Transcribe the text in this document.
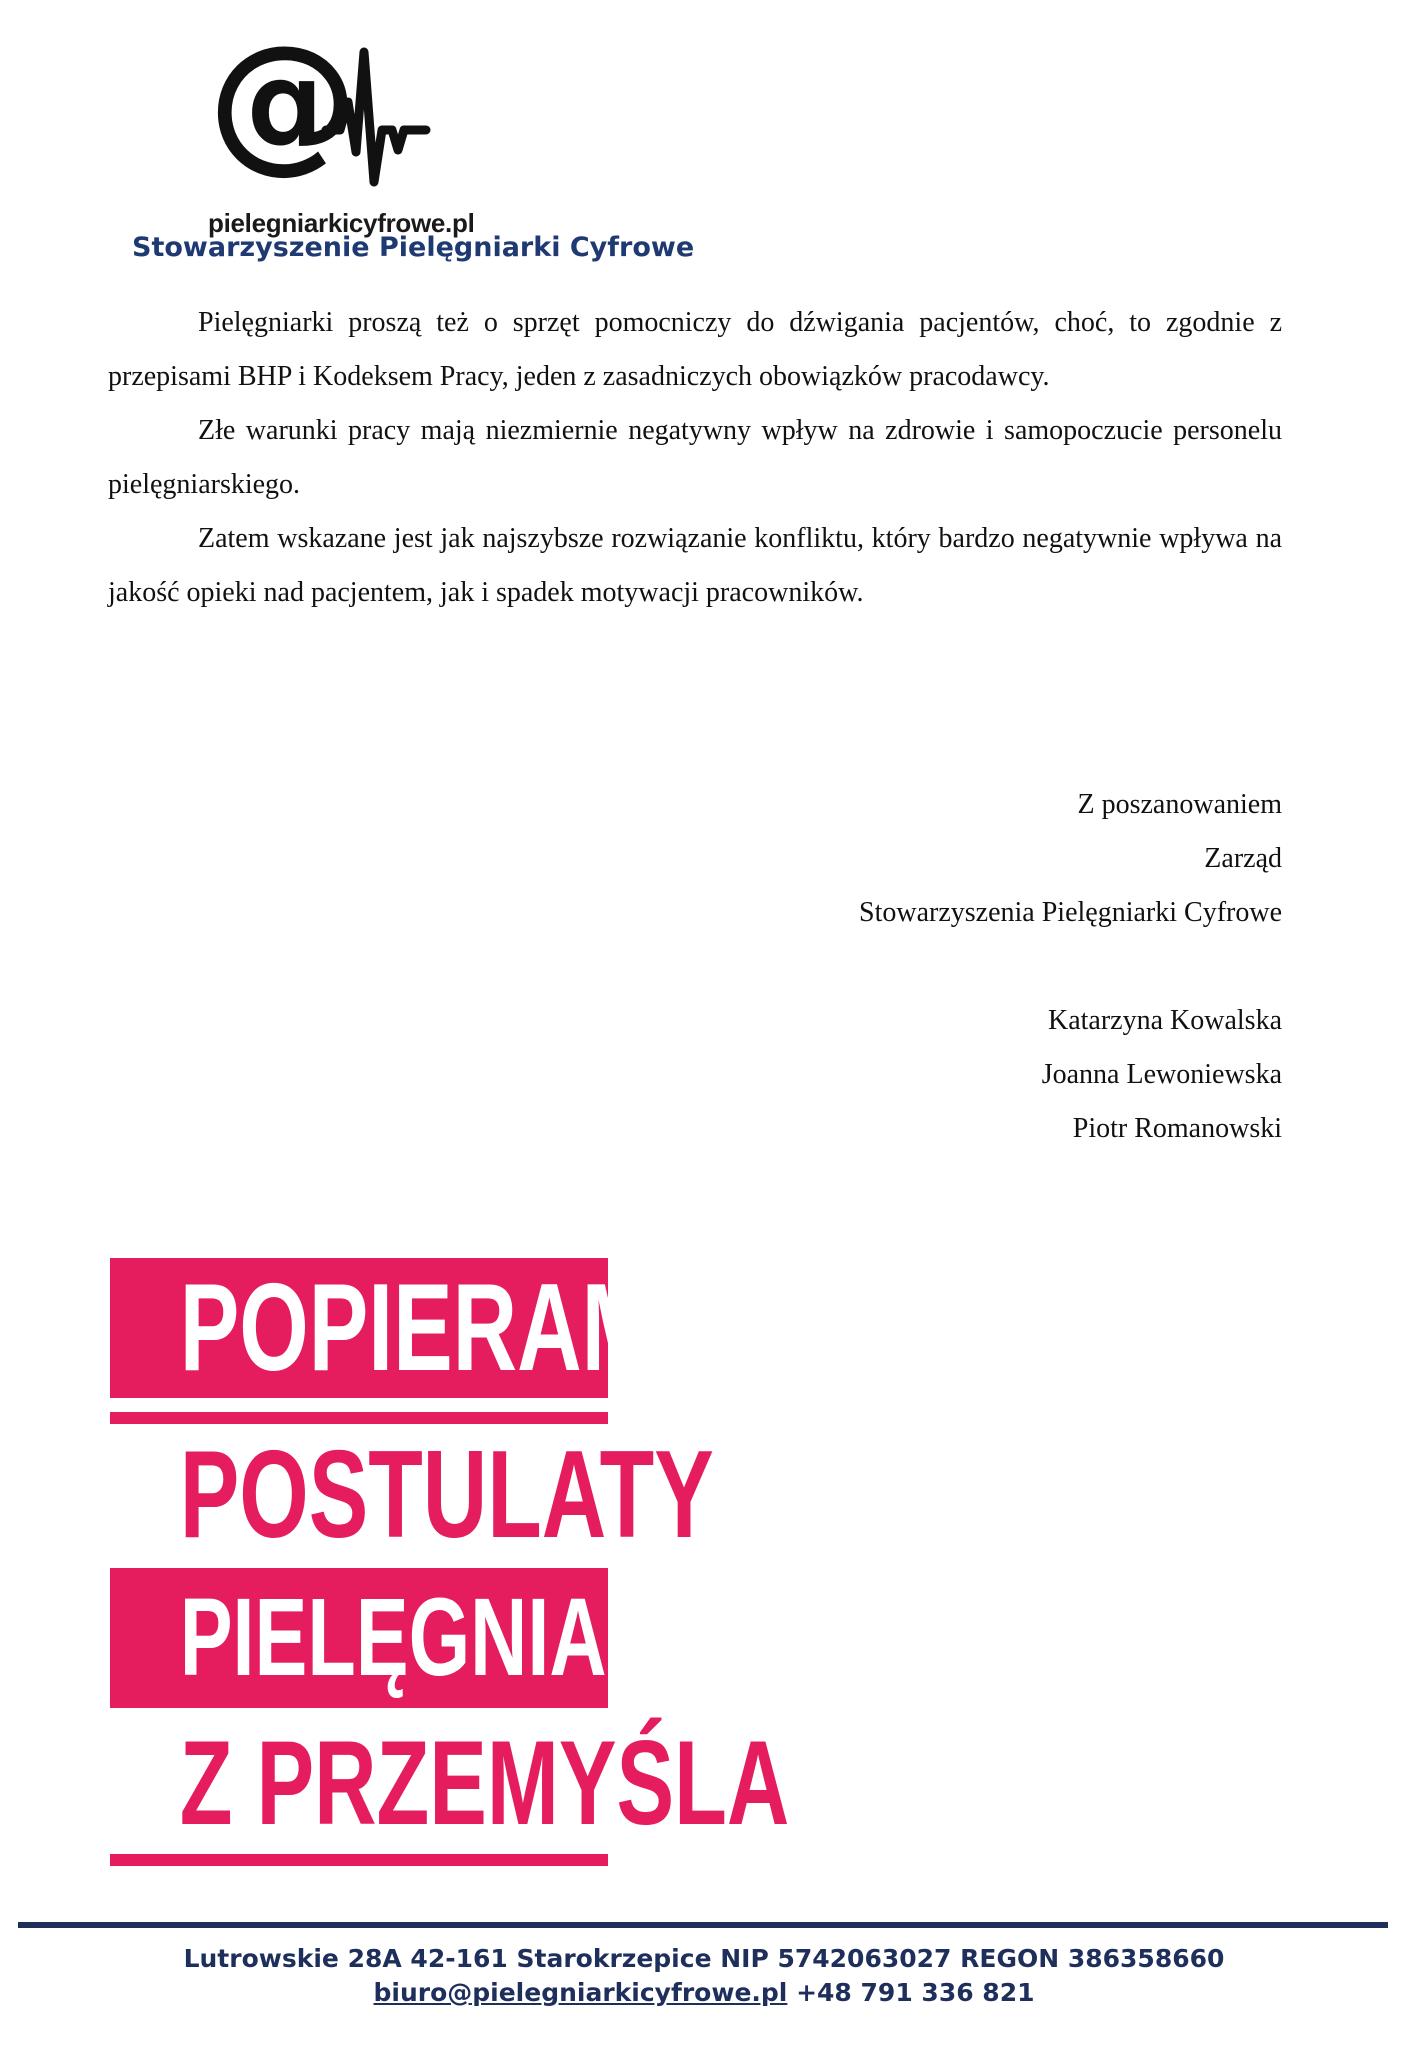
@
pielegniarkicyfrowe.pl
Stowarzyszenie Pielęgniarki Cyfrowe

Pielęgniarki proszą też o sprzęt pomocniczy do dźwigania pacjentów, choć, to zgodnie z przepisami BHP i Kodeksem Pracy, jeden z zasadniczych obowiązków pracodawcy.

Złe warunki pracy mają niezmiernie negatywny wpływ na zdrowie i samopoczucie personelu pielęgniarskiego.

Zatem wskazane jest jak najszybsze rozwiązanie konfliktu, który bardzo negatywnie wpływa na jakość opieki nad pacjentem, jak i spadek motywacji pracowników.

Z poszanowaniem
Zarząd
Stowarzyszenia Pielęgniarki Cyfrowe
Katarzyna Kowalska
Joanna Lewoniewska
Piotr Romanowski
POPIERAMY
POSTULATY
PIELĘGNIAREK
Z PRZEMYŚLA
Lutrowskie 28A 42-161 Starokrzepice NIP 5742063027 REGON 386358660
biuro@pielegniarkicyfrowe.pl +48 791 336 821
